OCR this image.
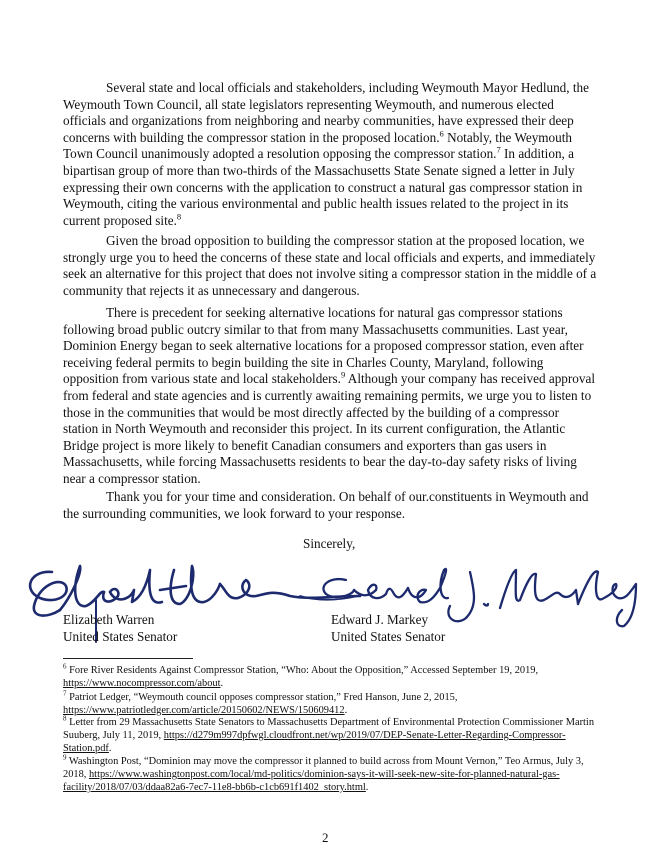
Several state and local officials and stakeholders, including Weymouth Mayor Hedlund, the Weymouth Town Council, all state legislators representing Weymouth, and numerous elected officials and organizations from neighboring and nearby communities, have expressed their deep concerns with building the compressor station in the proposed location.$^6$ Notably, the Weymouth Town Council unanimously adopted a resolution opposing the compressor station.$^7$ In addition, a bipartisan group of more than two-thirds of the Massachusetts State Senate signed a letter in July expressing their own concerns with the application to construct a natural gas compressor station in Weymouth, citing the various environmental and public health issues related to the project in its current proposed site.$^8$

Given the broad opposition to building the compressor station at the proposed location, we strongly urge you to heed the concerns of these state and local officials and experts, and immediately seek an alternative for this project that does not involve siting a compressor station in the middle of a community that rejects it as unnecessary and dangerous.

There is precedent for seeking alternative locations for natural gas compressor stations following broad public outcry similar to that from many Massachusetts communities. Last year, Dominion Energy began to seek alternative locations for a proposed compressor station, even after receiving federal permits to begin building the site in Charles County, Maryland, following opposition from various state and local stakeholders.$^9$ Although your company has received approval from federal and state agencies and is currently awaiting remaining permits, we urge you to listen to those in the communities that would be most directly affected by the building of a compressor station in North Weymouth and reconsider this project. In its current configuration, the Atlantic Bridge project is more likely to benefit Canadian consumers and exporters than gas users in Massachusetts, while forcing Massachusetts residents to bear the day-to-day safety risks of living near a compressor station.

Thank you for your time and consideration. On behalf of our.constituents in Weymouth and the surrounding communities, we look forward to your response.

Sincerely,
Elizabeth Warren
United States Senator
Edward J. Markey
United States Senator

$^6$ Fore River Residents Against Compressor Station, “Who: About the Opposition,” Accessed September 19, 2019, https://www.nocompressor.com/about.

$^7$ Patriot Ledger, “Weymouth council opposes compressor station,” Fred Hanson, June 2, 2015, https://www.patriotledger.com/article/20150602/NEWS/150609412.

$^8$ Letter from 29 Massachusetts State Senators to Massachusetts Department of Environmental Protection Commissioner Martin Suuberg, July 11, 2019, https://d279m997dpfwgl.cloudfront.net/wp/2019/07/DEP-Senate-Letter-Regarding-Compressor-Station.pdf.

$^9$ Washington Post, “Dominion may move the compressor it planned to build across from Mount Vernon,” Teo Armus, July 3, 2018, https://www.washingtonpost.com/local/md-politics/dominion-says-it-will-seek-new-site-for-planned-natural-gas-facility/2018/07/03/ddaa82a6-7ec7-11e8-bb6b-c1cb691f1402_story.html.

2
